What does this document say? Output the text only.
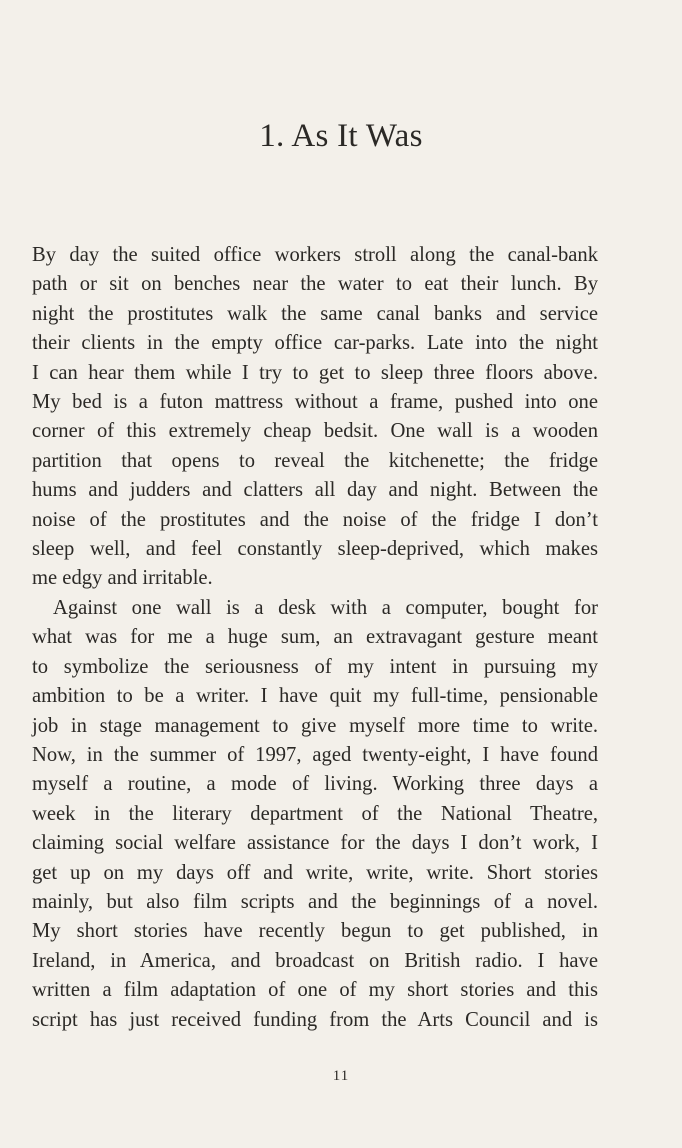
1. As It Was

By day the suited office workers stroll along the canal-bank
path or sit on benches near the water to eat their lunch. By
night the prostitutes walk the same canal banks and service
their clients in the empty office car-parks. Late into the night
I can hear them while I try to get to sleep three floors above.
My bed is a futon mattress without a frame, pushed into one
corner of this extremely cheap bedsit. One wall is a wooden
partition that opens to reveal the kitchenette; the fridge
hums and judders and clatters all day and night. Between the
noise of the prostitutes and the noise of the fridge I don’t
sleep well, and feel constantly sleep-deprived, which makes
me edgy and irritable.

Against one wall is a desk with a computer, bought for
what was for me a huge sum, an extravagant gesture meant
to symbolize the seriousness of my intent in pursuing my
ambition to be a writer. I have quit my full-time, pensionable
job in stage management to give myself more time to write.
Now, in the summer of 1997, aged twenty-eight, I have found
myself a routine, a mode of living. Working three days a
week in the literary department of the National Theatre,
claiming social welfare assistance for the days I don’t work, I
get up on my days off and write, write, write. Short stories
mainly, but also film scripts and the beginnings of a novel.
My short stories have recently begun to get published, in
Ireland, in America, and broadcast on British radio. I have
written a film adaptation of one of my short stories and this
script has just received funding from the Arts Council and is

11
